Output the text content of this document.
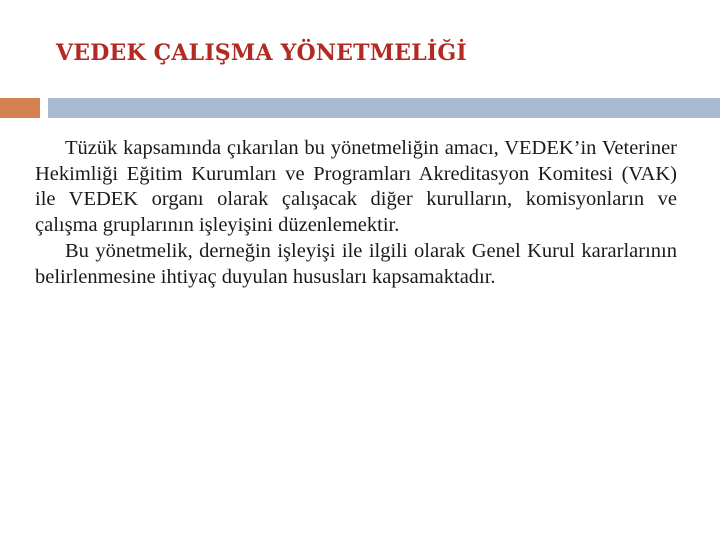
VEDEK ÇALIŞMA YÖNETMELİĞİ

Tüzük kapsamında çıkarılan bu yönetmeliğin amacı, VEDEK’in Veteriner Hekimliği Eğitim Kurumları ve Programları Akreditasyon Komitesi (VAK) ile VEDEK organı olarak çalışacak diğer kurulların, komisyonların ve çalışma gruplarının işleyişini düzenlemektir.

Bu yönetmelik, derneğin işleyişi ile ilgili olarak Genel Kurul kararlarının belirlenmesine ihtiyaç duyulan hususları kapsamaktadır.
